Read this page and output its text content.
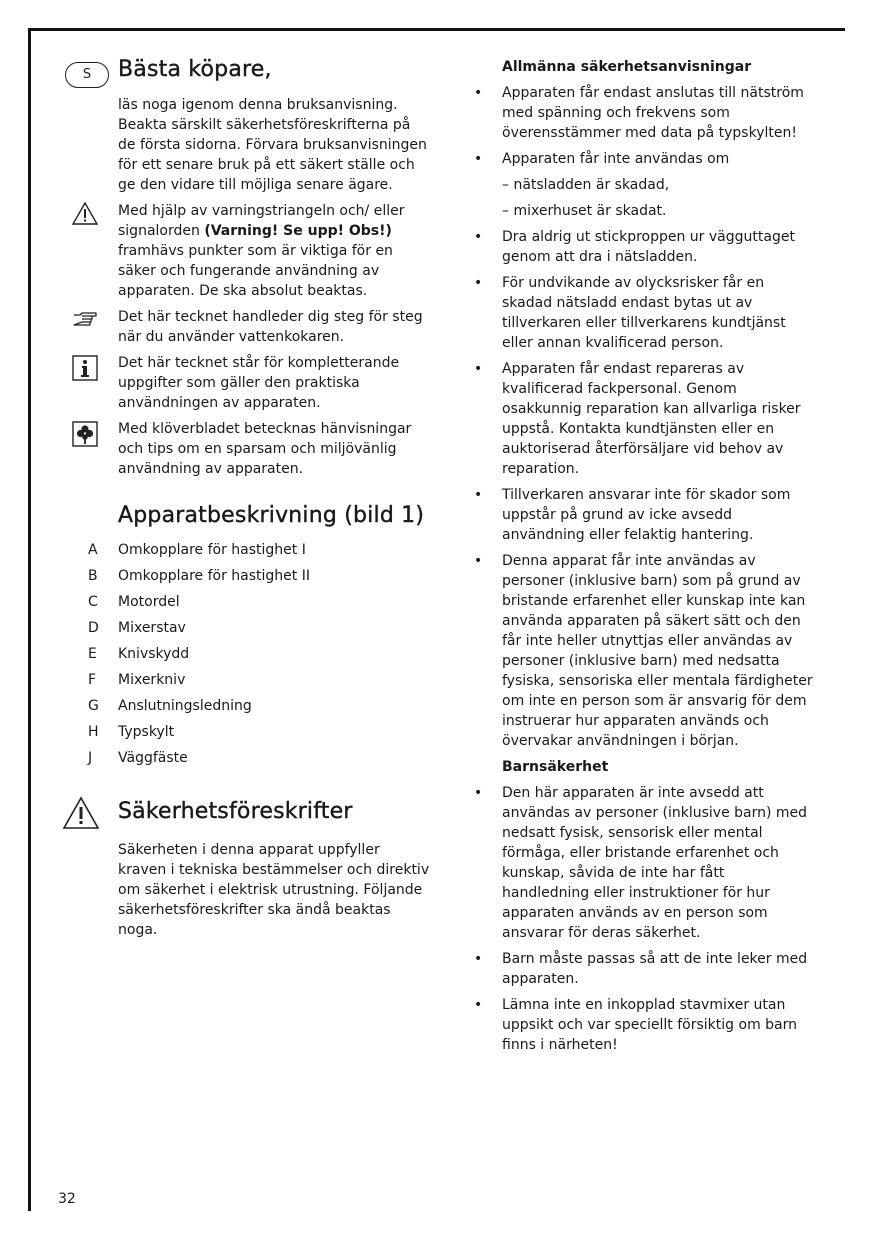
S	Bästa köpare,

läs noga igenom denna bruksanvisning. Beakta särskilt säkerhetsföreskrifterna på de första sidorna. Förvara bruksanvisningen för ett senare bruk på ett säkert ställe och ge den vidare till möjliga senare ägare.

Med hjälp av varningstriangeln och/ eller signalorden (Varning! Se upp! Obs!) framhävs punkter som är viktiga för en säker och fungerande användning av apparaten. De ska absolut beaktas.

Det här tecknet handleder dig steg för steg när du använder vattenkokaren.

Det här tecknet står för kompletterande uppgifter som gäller den praktiska användningen av apparaten.

Med klöverbladet betecknas hänvisningar och tips om en sparsam och miljövänlig användning av apparaten.

Apparatbeskrivning (bild 1)
A Omkopplare för hastighet I
B Omkopplare för hastighet II
C Motordel
D Mixerstav
E Knivskydd
F Mixerkniv
G Anslutningsledning
H Typskylt
J Väggfäste
Säkerhetsföreskrifter

Säkerheten i denna apparat uppfyller kraven i tekniska bestämmelser och direktiv om säkerhet i elektrisk utrustning. Följande säkerhetsföreskrifter ska ändå beaktas noga.

Allmänna säkerhetsanvisningar
• Apparaten får endast anslutas till nätström med spänning och frekvens som överensstämmer med data på typskylten!
• Apparaten får inte användas om
– nätsladden är skadad,
– mixerhuset är skadat.
• Dra aldrig ut stickproppen ur vägguttaget genom att dra i nätsladden.
• För undvikande av olycksrisker får en skadad nätsladd endast bytas ut av tillverkaren eller tillverkarens kundtjänst eller annan kvalificerad person.
• Apparaten får endast repareras av kvalificerad fackpersonal. Genom osakkunnig reparation kan allvarliga risker uppstå. Kontakta kundtjänsten eller en auktoriserad återförsäljare vid behov av reparation.
• Tillverkaren ansvarar inte för skador som uppstår på grund av icke avsedd användning eller felaktig hantering.
• Denna apparat får inte användas av personer (inklusive barn) som på grund av bristande erfarenhet eller kunskap inte kan använda apparaten på säkert sätt och den får inte heller utnyttjas eller användas av personer (inklusive barn) med nedsatta fysiska, sensoriska eller mentala färdigheter om inte en person som är ansvarig för dem instruerar hur apparaten används och övervakar användningen i början.
Barnsäkerhet
• Den här apparaten är inte avsedd att användas av personer (inklusive barn) med nedsatt fysisk, sensorisk eller mental förmåga, eller bristande erfarenhet och kunskap, såvida de inte har fått handledning eller instruktioner för hur apparaten används av en person som ansvarar för deras säkerhet.
• Barn måste passas så att de inte leker med apparaten.
• Lämna inte en inkopplad stavmixer utan uppsikt och var speciellt försiktig om barn finns i närheten!
32
